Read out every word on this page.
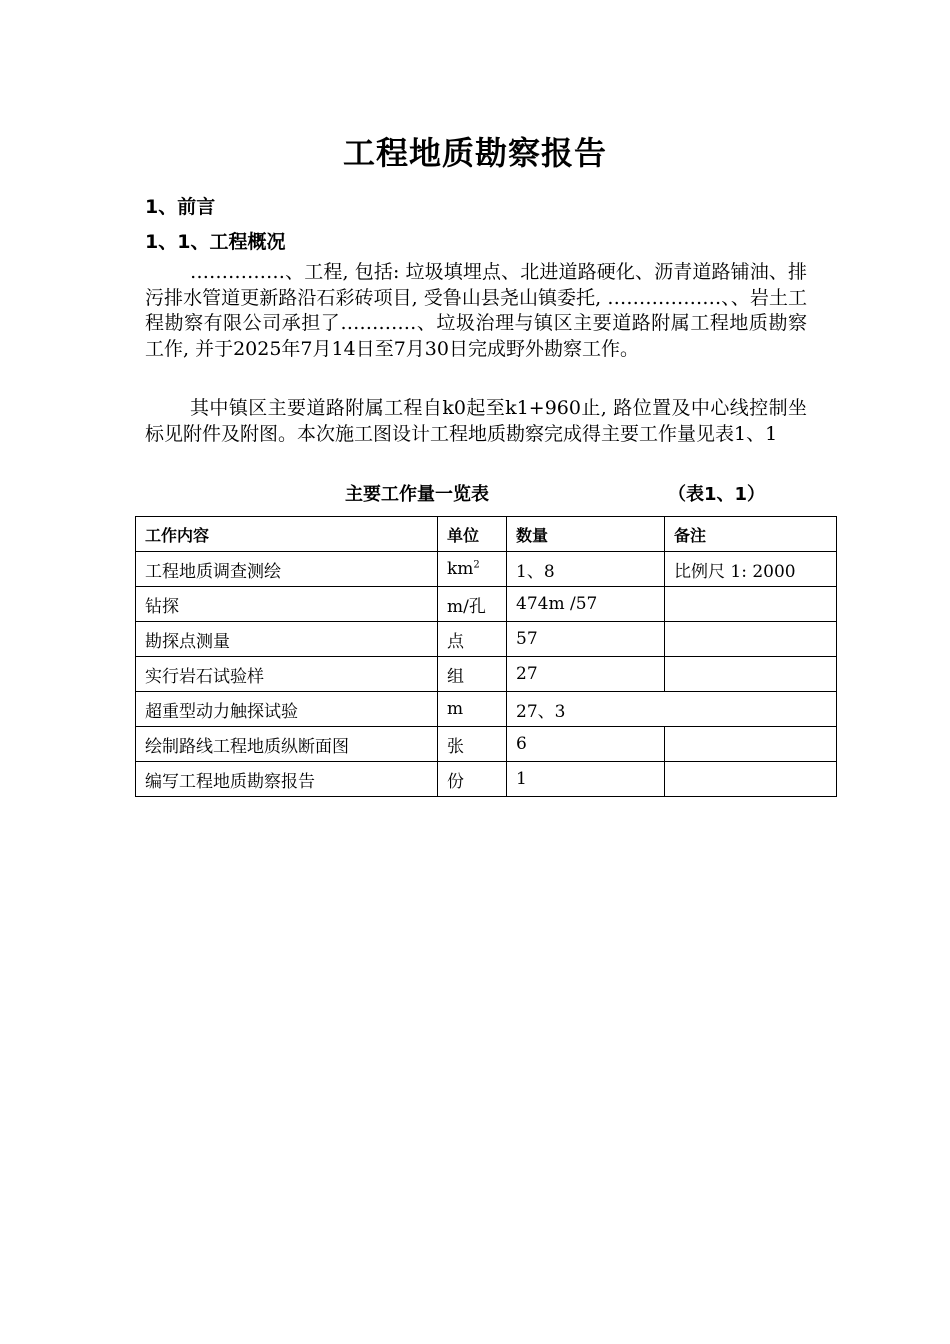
工程地质勘察报告
1、前言
1、1、工程概况

……………、工程, 包括: 垃圾填埋点、北进道路硬化、沥青道路铺油、排污排水管道更新路沿石彩砖项目, 受鲁山县尧山镇委托, ………………、、岩土工程勘察有限公司承担了…………、垃圾治理与镇区主要道路附属工程地质勘察工作, 并于2025年7月14日至7月30日完成野外勘察工作。

其中镇区主要道路附属工程自k0起至k1+960止, 路位置及中心线控制坐标见附件及附图。本次施工图设计工程地质勘察完成得主要工作量见表1、1

主要工作量一览表	（表1、1）
工作内容	单位	数量	备注
工程地质调查测绘	$km^2$	1、8	比例尺 1: 2000
钻探	m/孔	474m /57	
勘探点测量	点	57	
实行岩石试验样	组	27	
超重型动力触探试验	m	27、3	
绘制路线工程地质纵断面图	张	6	
编写工程地质勘察报告	份	1	
